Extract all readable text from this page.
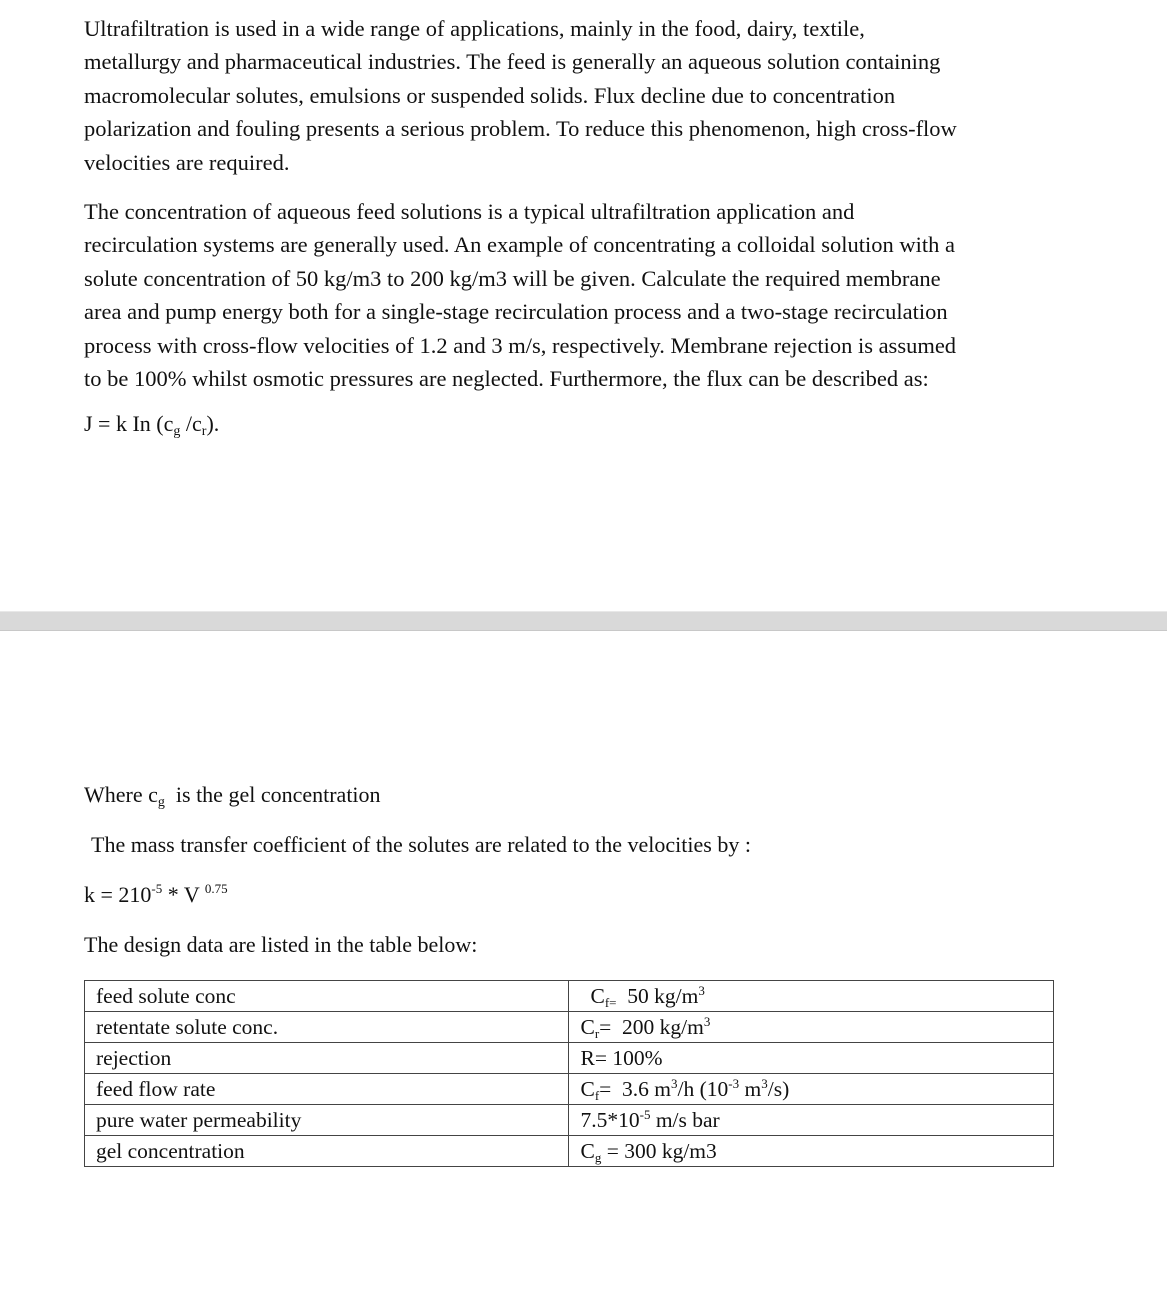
Ultrafiltration is used in a wide range of applications, mainly in the food, dairy, textile,
metallurgy and pharmaceutical industries. The feed is generally an aqueous solution containing
macromolecular solutes, emulsions or suspended solids. Flux decline due to concentration
polarization and fouling presents a serious problem. To reduce this phenomenon, high cross-flow
velocities are required.

The concentration of aqueous feed solutions is a typical ultrafiltration application and
recirculation systems are generally used. An example of concentrating a colloidal solution with a
solute concentration of 50 kg/m3 to 200 kg/m3 will be given. Calculate the required membrane
area and pump energy both for a single-stage recirculation process and a two-stage recirculation
process with cross-flow velocities of 1.2 and 3 m/s, respectively. Membrane rejection is assumed
to be 100% whilst osmotic pressures are neglected. Furthermore, the flux can be described as:

J = k In ($c_g$ $/c_r$).

Where $c_g$  is the gel concentration

The mass transfer coefficient of the solutes are related to the velocities by :

$k = 210^{-5} * V$ $^{0.75}$

The design data are listed in the table below:

feed solute conc	$C_{f=}$  50 $kg/m^3$
retentate solute conc.	$C_r= 200$ $kg/m^3$
rejection	R= 100%
feed flow rate	$C_f= 3.6$ $m^3/h$ ($10^{-3}$ $m^3/s$)
pure water permeability	$7.5*10^{-5}$ m/s bar
gel concentration	$C_g = 300$ kg/m3
